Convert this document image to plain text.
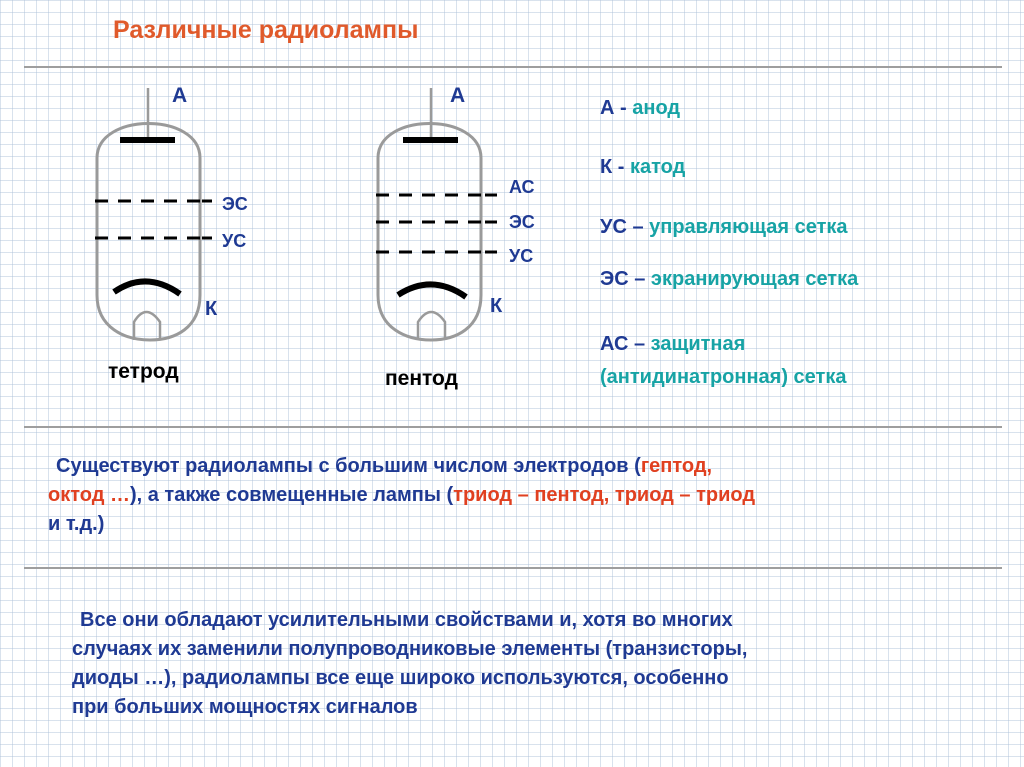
Различные радиолампы
А
ЭС
УС
К
тетрод
А
АС
ЭС
УС
К
пентод
А - анод
К - катод
УС – управляющая сетка
ЭС – экранирующая сетка
АС – защитная
(антидинатронная) сетка
Существуют радиолампы с большим числом электродов (гептод,
октод …), а также совмещенные лампы (триод – пентод, триод – триод
и т.д.)
Все они обладают усилительными свойствами и, хотя во многих
случаях их заменили полупроводниковые элементы (транзисторы,
диоды …), радиолампы все еще широко используются, особенно
при больших мощностях сигналов
